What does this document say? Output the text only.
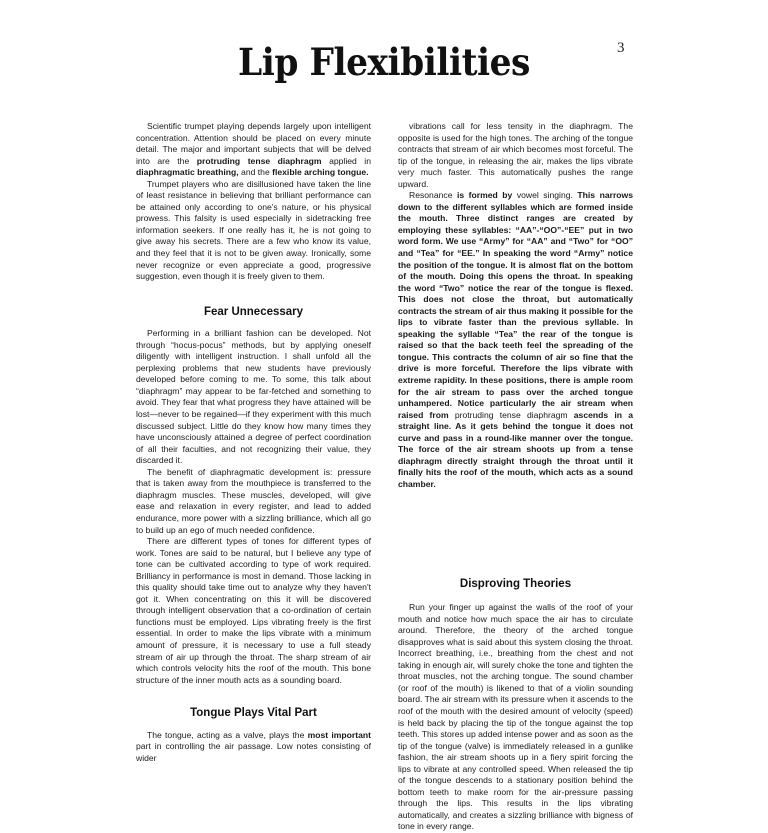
3
Lip Flexibilities

Scientific trumpet playing depends largely upon intelligent concentration. Attention should be placed on every minute detail. The major and important subjects that will be delved into are the protruding tense diaphragm applied in diaphragmatic breathing, and the flexible arching tongue.

Trumpet players who are disillusioned have taken the line of least resistance in believing that brilliant performance can be attained only according to one's nature, or his physical prowess. This falsity is used especially in sidetracking free information seekers. If one really has it, he is not going to give away his secrets. There are a few who know its value, and they feel that it is not to be given away. Ironically, some never recognize or even appreciate a good, progressive suggestion, even though it is freely given to them.

Fear Unnecessary

Performing in a brilliant fashion can be developed. Not through “hocus-pocus” methods, but by applying oneself diligently with intelligent instruction. I shall unfold all the perplexing problems that new students have previously developed before coming to me. To some, this talk about “diaphragm” may appear to be far-fetched and something to avoid. They fear that what progress they have attained will be lost—never to be regained—if they experiment with this much discussed subject. Little do they know how many times they have unconsciously attained a degree of perfect coordination of all their faculties, and not recognizing their value, they discarded it.

The benefit of diaphragmatic development is: pressure that is taken away from the mouthpiece is transferred to the diaphragm muscles. These muscles, developed, will give ease and relaxation in every register, and lead to added endurance, more power with a sizzling brilliance, which all go to build up an ego of much needed confidence.

There are different types of tones for different types of work. Tones are said to be natural, but I believe any type of tone can be cultivated according to type of work required. Brilliancy in performance is most in demand. Those lacking in this quality should take time out to analyze why they haven't got it. When concentrating on this it will be discovered through intelligent observation that a co-ordination of certain functions must be employed. Lips vibrating freely is the first essential. In order to make the lips vibrate with a minimum amount of pressure, it is necessary to use a full steady stream of air up through the throat. The sharp stream of air which controls velocity hits the roof of the mouth. This bone structure of the inner mouth acts as a sounding board.

Tongue Plays Vital Part

The tongue, acting as a valve, plays the most important part in controlling the air passage. Low notes consisting of wider

vibrations call for less tensity in the diaphragm. The opposite is used for the high tones. The arching of the tongue contracts that stream of air which becomes most forceful. The tip of the tongue, in releasing the air, makes the lips vibrate very much faster. This automatically pushes the range upward.

Resonance is formed by vowel singing. This narrows down to the different syllables which are formed inside the mouth. Three distinct ranges are created by employing these syllables: “AA”-“OO”-“EE” put in two word form. We use “Army” for “AA” and “Two” for “OO” and “Tea” for “EE.” In speaking the word “Army” notice the position of the tongue. It is almost flat on the bottom of the mouth. Doing this opens the throat. In speaking the word “Two” notice the rear of the tongue is flexed. This does not close the throat, but automatically contracts the stream of air thus making it possible for the lips to vibrate faster than the previous syllable. In speaking the syllable “Tea” the rear of the tongue is raised so that the back teeth feel the spreading of the tongue. This contracts the column of air so fine that the drive is more forceful. Therefore the lips vibrate with extreme rapidity. In these positions, there is ample room for the air stream to pass over the arched tongue unhampered. Notice particularly the air stream when raised from protruding tense diaphragm ascends in a straight line. As it gets behind the tongue it does not curve and pass in a round-like manner over the tongue. The force of the air stream shoots up from a tense diaphragm directly straight through the throat until it finally hits the roof of the mouth, which acts as a sound chamber.

Disproving Theories

Run your finger up against the walls of the roof of your mouth and notice how much space the air has to circulate around. Therefore, the theory of the arched tongue disapproves what is said about this system closing the throat. Incorrect breathing, i.e., breathing from the chest and not taking in enough air, will surely choke the tone and tighten the throat muscles, not the arching tongue. The sound chamber (or roof of the mouth) is likened to that of a violin sounding board. The air stream with its pressure when it ascends to the roof of the mouth with the desired amount of velocity (speed) is held back by placing the tip of the tongue against the top teeth. This stores up added intense power and as soon as the tip of the tongue (valve) is immediately released in a gunlike fashion, the air stream shoots up in a fiery spirit forcing the lips to vibrate at any controlled speed. When released the tip of the tongue descends to a stationary position behind the bottom teeth to make room for the air-pressure passing through the lips. This results in the lips vibrating automatically, and creates a sizzling brilliance with bigness of tone in every range.
